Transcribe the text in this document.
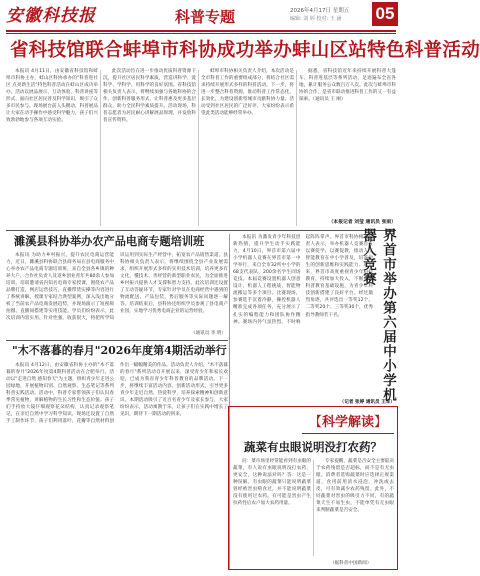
安徽科技报	科普专题	2026年4月17日 星期五
编辑: 刘 婷 校对: 王 涵 05
省科技馆联合蚌埠市科协成功举办蚌山区站特色科普活动
本报讯 4月11日，由安徽省科技馆和蚌埠市科协主办，蚌山区科协承办的"科普进社区 点亮新生活"特色科普活动在蚌山区成功举办。活动以展品展示、互动体验、科普讲座等形式，面向社区居民普及科学知识，吸引了众多市民参与。现场展台前人头攒动，科普展品让大家在动手操作中感受科学魅力，孩子们兴致勃勃地参与各项互动实验。
此次活动旨在进一步推动优质科普资源下沉，提升社区居民科学素质，营造讲科学、爱科学、学科学、用科学的良好氛围。省科技馆相关负责人表示，将继续加强与各地科协的合作，创新科普服务形式，让科普惠及更多基层群众，助力全民科学素质提升。活动现场，科普志愿者为居民耐心讲解展品原理，并发放科普宣传资料。
蚌埠市科协相关负责人介绍，本次活动是全市科普工作的重要组成部分，将结合社区需求持续开展形式多样的科普活动。下一步，将进一步整合科普资源，推动科普工作常态化、长效化，为建设创新型城市贡献科协力量。活动受到社区居民的广泛好评，大家纷纷表示希望此类活动能够经常举办。
据悉，省科技馆近年来持续开展科普大篷车、科普进基层等系列活动，足迹遍布全省各地，累计服务公众数百万人次。此次与蚌埠市科协的合作，是省市联动推进科普工作的又一有益探索。（通讯员 王 刚）
（本报记者 刘莹 通讯员 张雨）
濉溪县科协举办农产品电商专题培训班
本报讯 为助力乡村振兴，提升农民电商运营能力，近日，濉溪县科协联合县商务局在县电商服务中心举办农产品电商专题培训班，来自全县各乡镇的种养大户、合作社负责人及返乡创业青年共80余人参加培训。培训邀请省内知名电商专家授课，围绕农产品品牌打造、网店运营技巧、直播带货实操等内容进行了系统讲解。授课专家结合典型案例，深入浅出地分析了当前农产品电商发展趋势，并现场演示了短视频拍摄、直播间搭建等实用技能。学员们纷纷表示，此次培训内容实用、针对性强，收获很大，将把所学知识运用到实际生产经营中，拓宽农产品销售渠道。县科协相关负责人表示，将继续围绕全县产业发展需求，组织开展形式多样的实用技术培训，培养更多有文化、懂技术、善经营的新型职业农民，为全面推进乡村振兴提供人才支撑和智力支持。此次培训还设置了互动答疑环节，专家针对学员在电商经营中遇到的物流配送、产品包装、售后服务等实际问题逐一解答。培训结束后，县科协还组织学员参观了县电商产业园，实地学习优秀电商企业的运营经验。
（通讯员 李 明）
"木不落暮的春月"2026年度第4期活动举行
本报讯 4月12日，由安徽省科协主办的"木不落暮的春月"2026年度第4期科普活动在合肥举行。活动以"走进自然 感知春天"为主题，组织青少年走进公园绿地，开展植物识别、自然观察、生态笔记等系列科普实践活动。活动中，科普专家带领孩子们认识春季常见植物，讲解植物的生长习性和生态价值。孩子们手持放大镜仔细观察花朵结构，认真记录观察笔记，在亲近自然中学习科学知识。现场还设置了自然手工制作环节，孩子们利用落叶、花瓣等自然材料创作出一幅幅精美的作品。活动负责人介绍，"木不落暮的春月"系列活动自开展以来，深受青少年和家长欢迎，已成为我省青少年科普教育的品牌活动。下一步，将继续丰富活动内容，创新活动形式，引导更多青少年走近自然、热爱科学，培养探索精神和创新意识。本期活动吸引了近百名青少年及家长参与，大家纷纷表示，活动寓教于乐，让孩子们在实践中增长了见识，期待下一期活动的到来。
本报讯 为激发青少年科技创新热情，提升学生动手实践能力，4月10日，界首市第六届中小学机器人竞赛在界首市第一中学举行，来自全市32所中小学的68支代表队、200余名学生同场竞技。本届竞赛设置机器人创意设计、机器人工程挑战、智能物流搬运等多个项目。比赛现场，参赛选手沉着冷静，操控机器人精准完成各项任务，充分展示了扎实的编程能力和团队协作精神。赛场内外气氛热烈，不时响起阵阵掌声。界首市科协相关负责人表示，举办机器人竞赛旨在以赛促学、以赛促教，推动人工智能教育在中小学普及，培养学生的创新思维和实践能力。近年来，界首市高度重视青少年科技教育，持续加大投入，不断完善科普教育基础设施，为青少年科技创新搭建了良好平台。经过激烈角逐，共评选出一等奖12个、二等奖20个、三等奖30个，优秀指导教师若干名。	界首市举办第六届中小学机器人竞赛
（记者 张婷 通讯员 王军）
【科学解读】
蔬菜有虫眼说明没打农药？
问：菜市场里经常能看到有虫眼的蔬菜，有人说有虫眼说明没打农药，更安全，这种说法对吗？答：这是一种误解。有虫眼的蔬菜只能说明蔬菜曾经被害虫啃食过，并不能说明蔬菜没有使用过农药。有可能是害虫产生抗药性后农户加大农药用量。
专家提醒，蔬菜是否安全主要取决于农药残留是否超标，而不是有无虫眼。消费者选购蔬菜时应选择正规渠道，食用前用清水浸泡、冲洗或去皮，可有效减少农药残留。此外，不同蔬菜对害虫的吸引力不同，有的蔬菜天生不易生虫，不能单凭有无虫眼来判断蔬菜是否安全。
（据科普中国新闻）
